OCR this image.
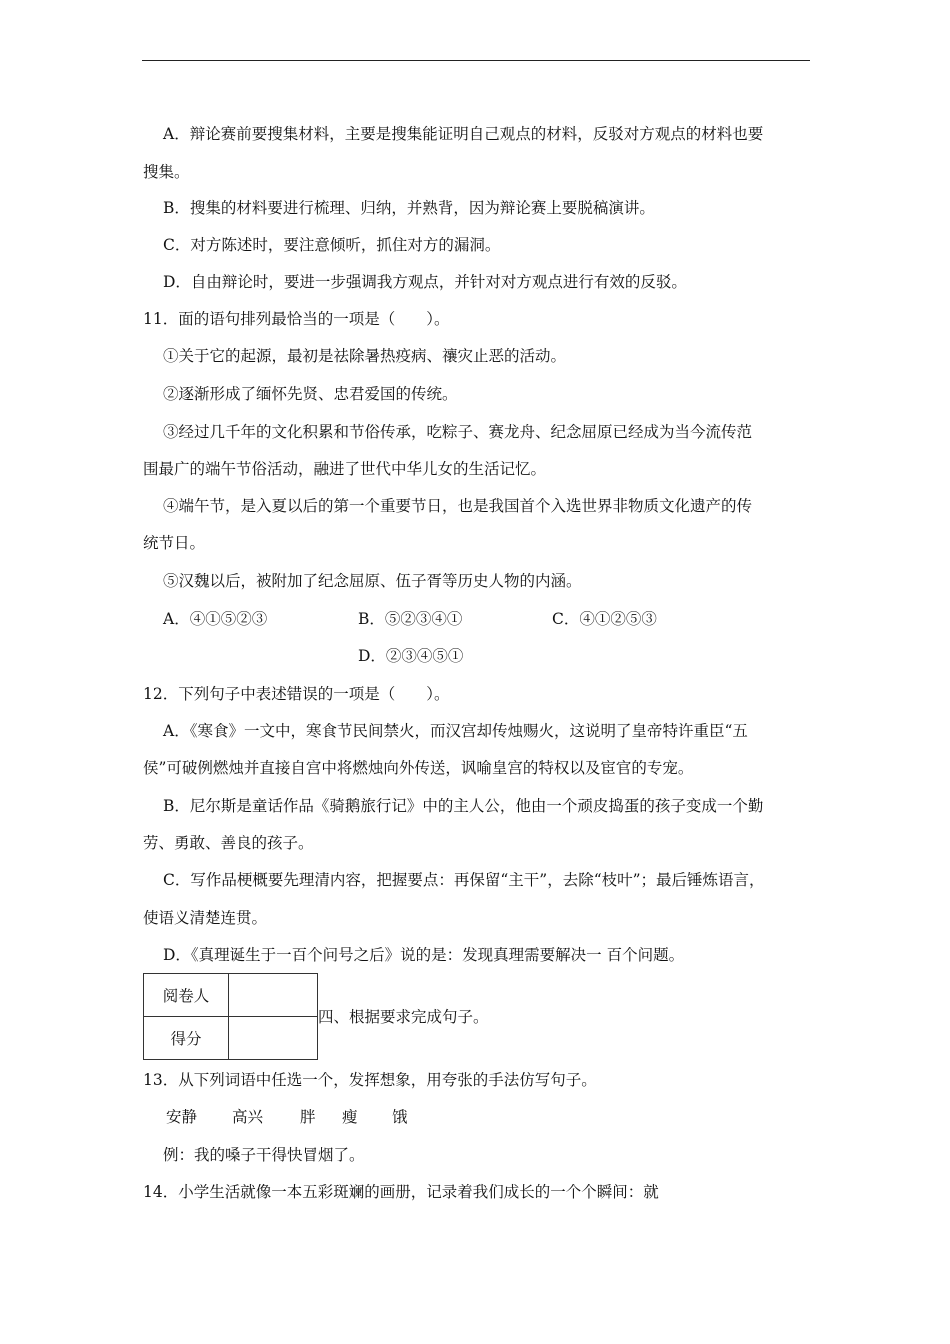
A．辩论赛前要搜集材料，主要是搜集能证明自己观点的材料，反驳对方观点的材料也要
搜集。
B．搜集的材料要进行梳理、归纳，并熟背，因为辩论赛上要脱稿演讲。
C．对方陈述时，要注意倾听，抓住对方的漏洞。
D．自由辩论时，要进一步强调我方观点，并针对对方观点进行有效的反驳。
11．面的语句排列最恰当的一项是（　　）。
①关于它的起源，最初是祛除暑热疫病、禳灾止恶的活动。
②逐渐形成了缅怀先贤、忠君爱国的传统。
③经过几千年的文化积累和节俗传承，吃粽子、赛龙舟、纪念屈原已经成为当今流传范
围最广的端午节俗活动，融进了世代中华儿女的生活记忆。
④端午节，是入夏以后的第一个重要节日，也是我国首个入选世界非物质文化遗产的传
统节日。
⑤汉魏以后，被附加了纪念屈原、伍子胥等历史人物的内涵。
A．④①⑤②③	B．⑤②③④①	C．④①②⑤③
D．②③④⑤①
12．下列句子中表述错误的一项是（　　）。
A．《寒食》一文中，寒食节民间禁火，而汉宫却传烛赐火，这说明了皇帝特许重臣“五
侯”可破例燃烛并直接自宫中将燃烛向外传送，讽喻皇宫的特权以及宦官的专宠。
B．尼尔斯是童话作品《骑鹅旅行记》中的主人公，他由一个顽皮捣蛋的孩子变成一个勤
劳、勇敢、善良的孩子。
C．写作品梗概要先理清内容，把握要点：再保留“主干”，去除“枝叶”；最后锤炼语言，
使语义清楚连贯。
D．《真理诞生于一百个问号之后》说的是：发现真理需要解决一 百个问题。
阅卷人	
得分	
四、根据要求完成句子。
13．从下列词语中任选一个，发挥想象，用夸张的手法仿写句子。
安静 高兴 胖 瘦 饿
例：我的嗓子干得快冒烟了。
14．小学生活就像一本五彩斑斓的画册，记录着我们成长的一个个瞬间：就
